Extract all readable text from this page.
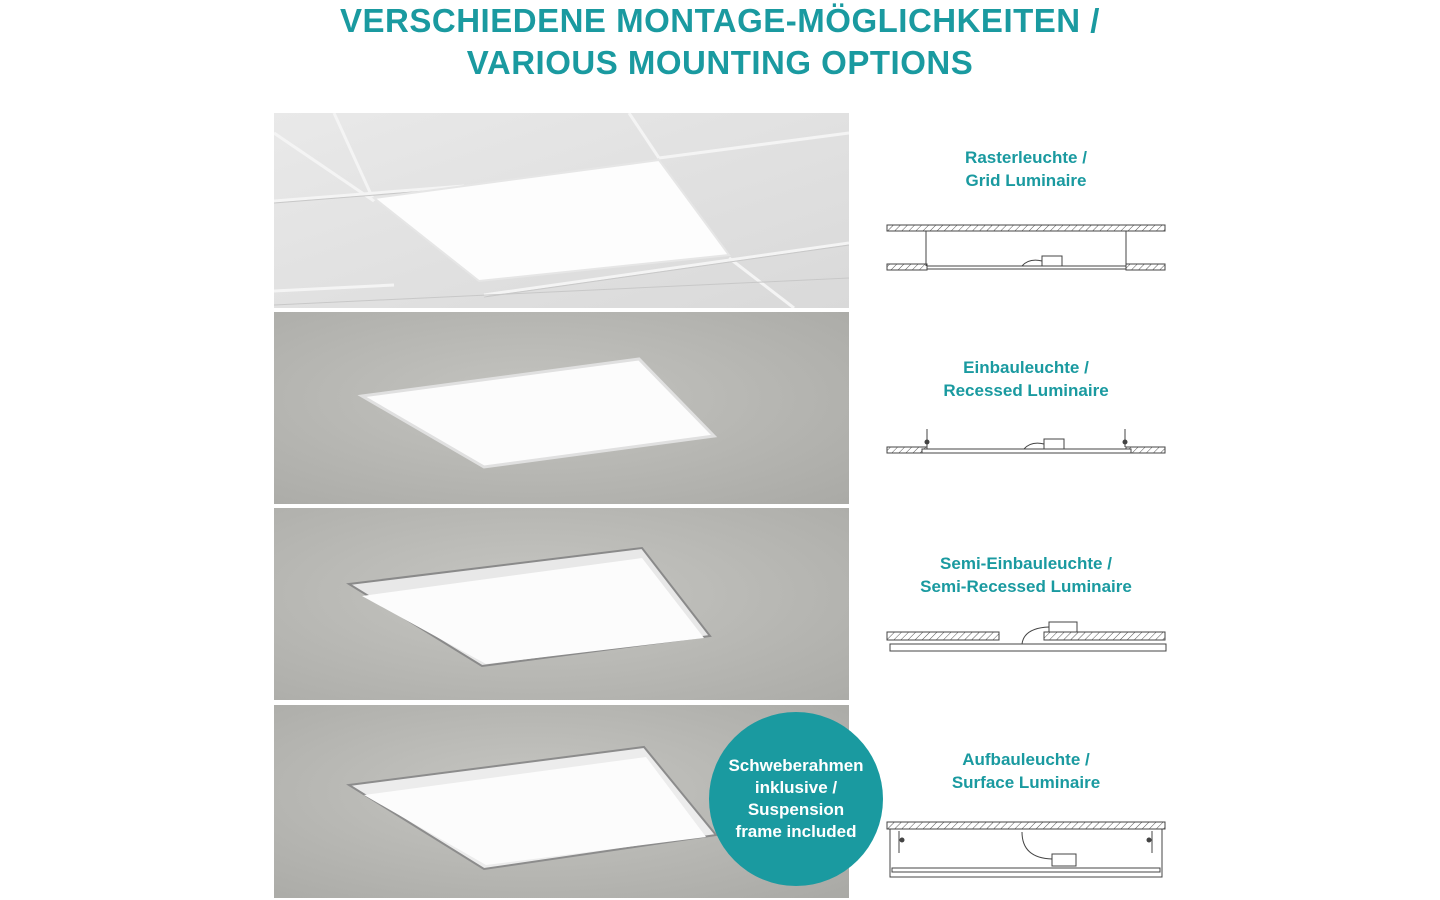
VERSCHIEDENE MONTAGE-MÖGLICHKEITEN /
VARIOUS MOUNTING OPTIONS
Rasterleuchte /
Grid Luminaire
Einbauleuchte /
Recessed Luminaire
Semi-Einbauleuchte /
Semi-Recessed Luminaire
Aufbauleuchte /
Surface Luminaire
Schweberahmen
inklusive /
Suspension
frame included
